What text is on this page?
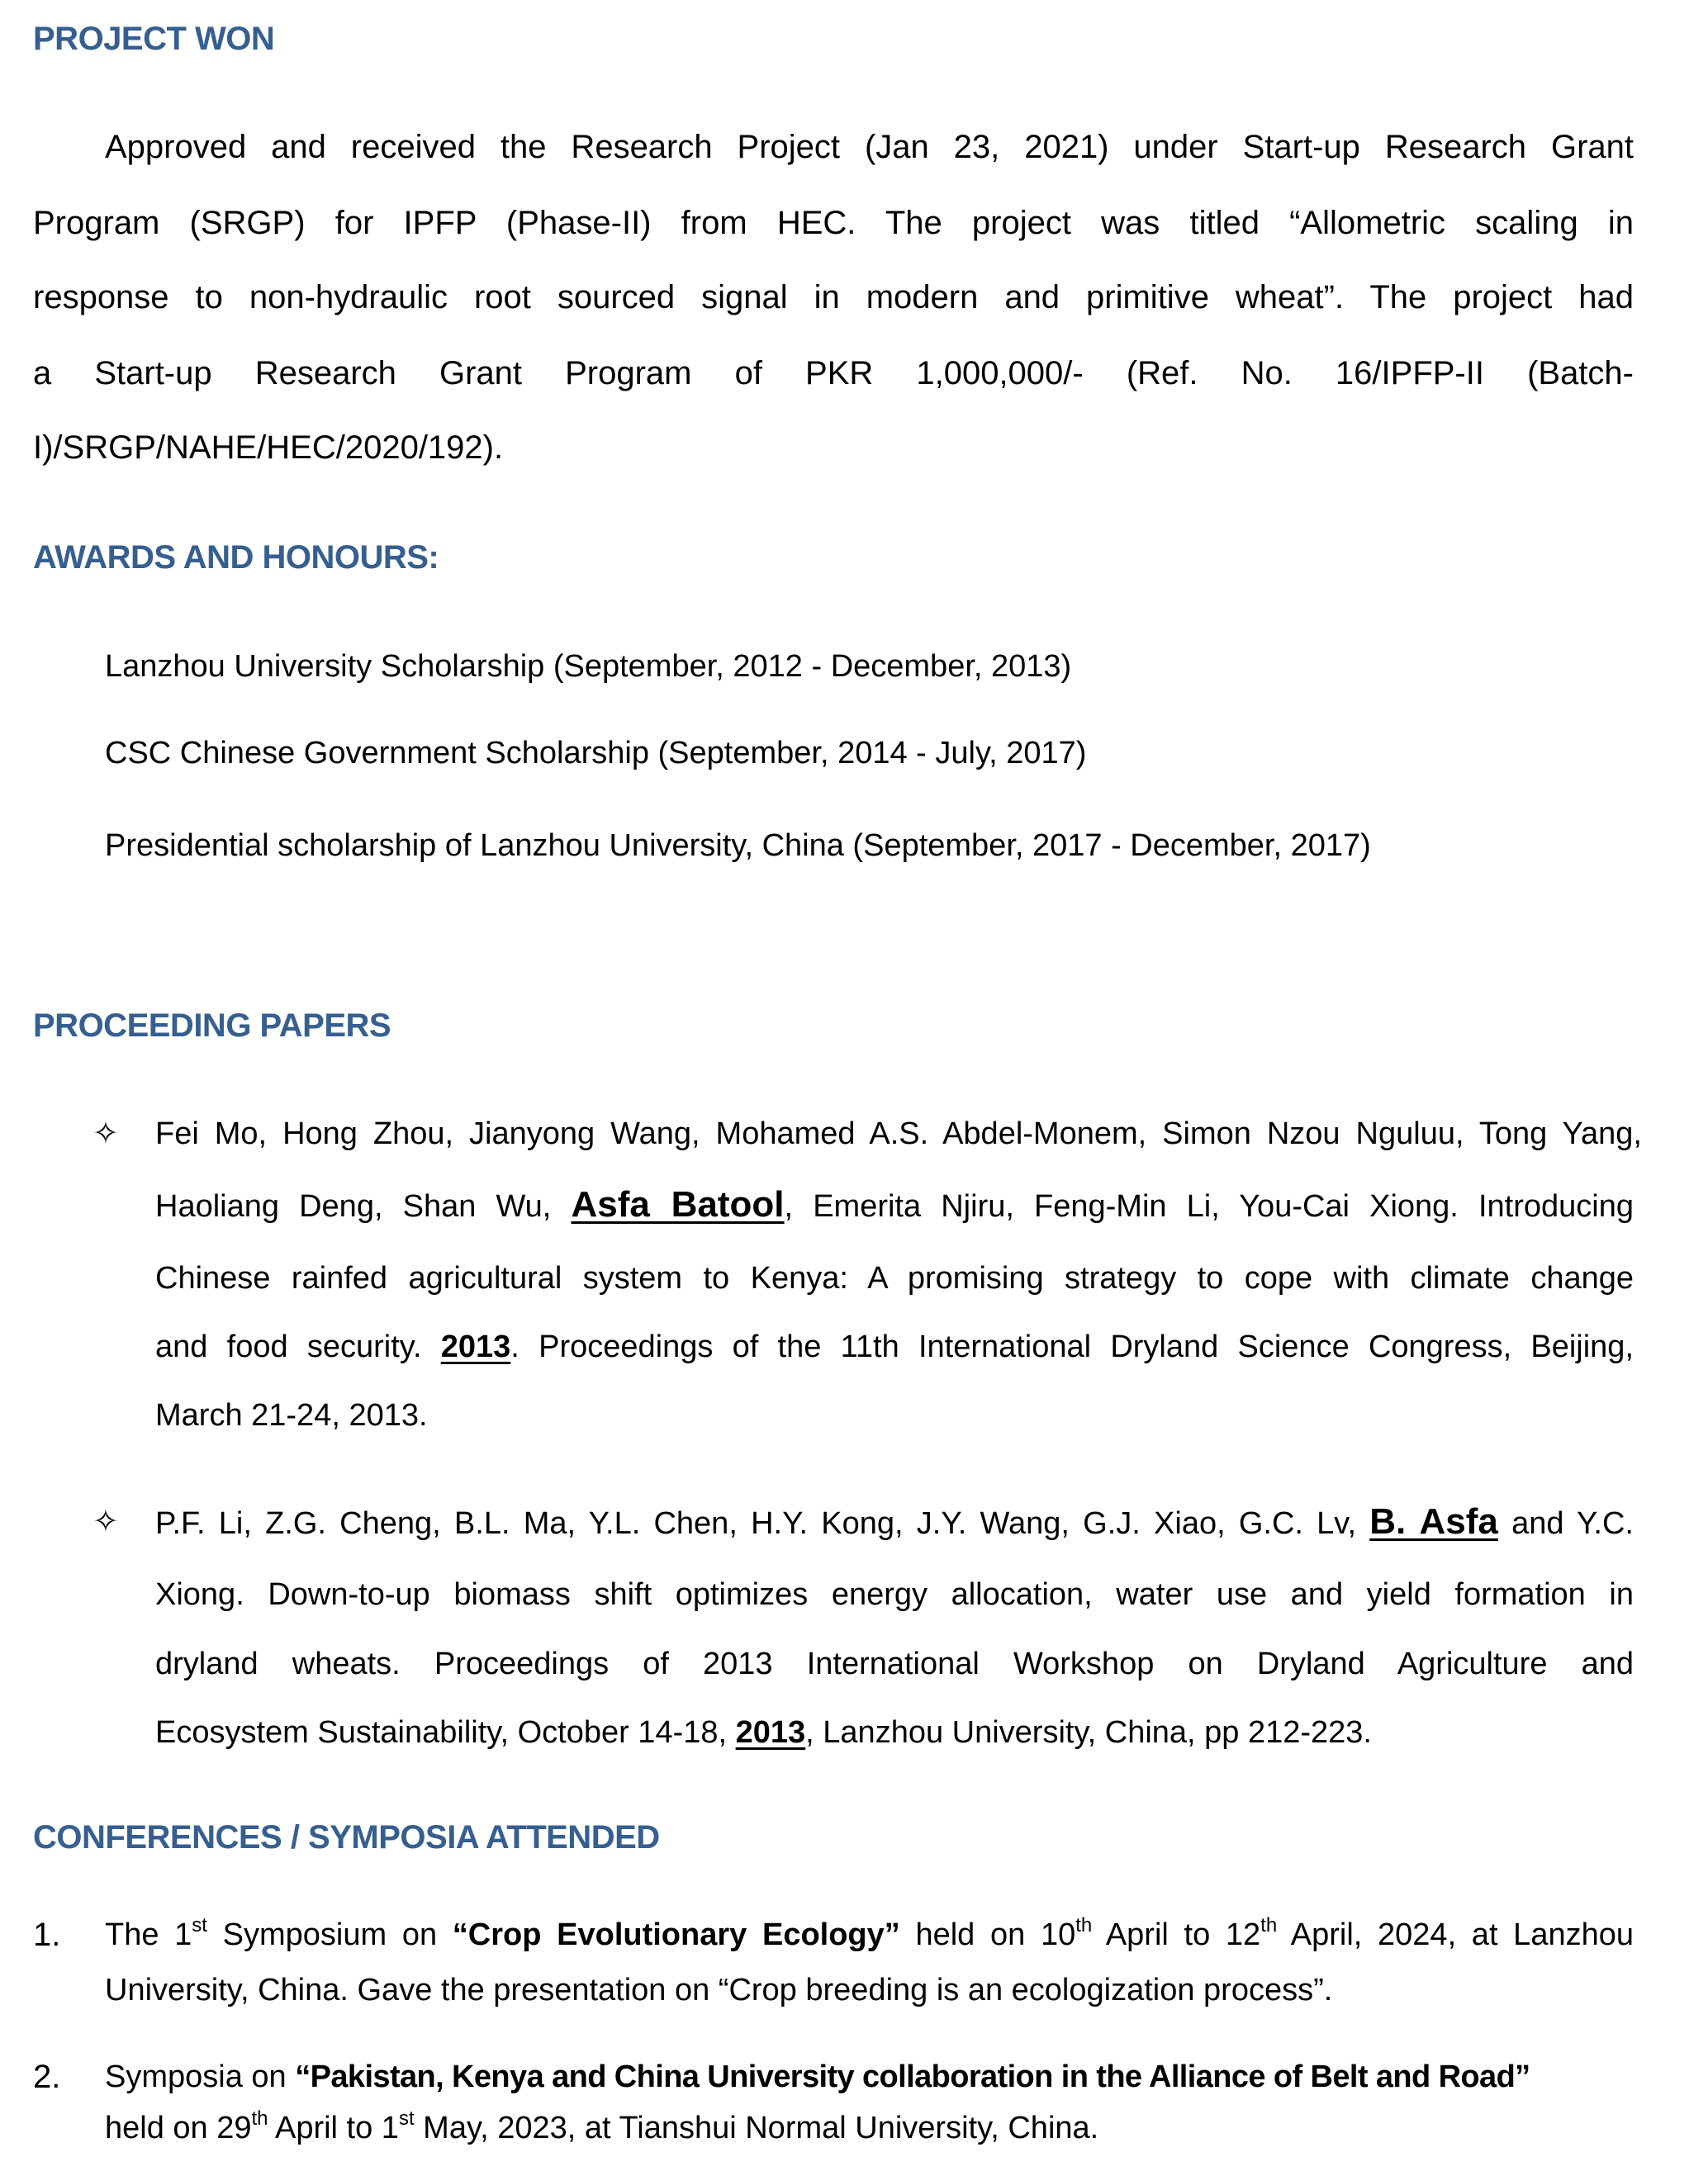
PROJECT WON
Approved and received the Research Project (Jan 23, 2021) under Start-up Research Grant
Program (SRGP) for IPFP (Phase-II) from HEC. The project was titled “Allometric scaling in
response to non-hydraulic root sourced signal in modern and primitive wheat”. The project had
a Start-up Research Grant Program of PKR 1,000,000/- (Ref. No. 16/IPFP-II (Batch-
I)/SRGP/NAHE/HEC/2020/192).
AWARDS AND HONOURS:
Lanzhou University Scholarship (September, 2012 - December, 2013)
CSC Chinese Government Scholarship (September, 2014 - July, 2017)
Presidential scholarship of Lanzhou University, China (September, 2017 - December, 2017)
PROCEEDING PAPERS
✧ Fei Mo, Hong Zhou, Jianyong Wang, Mohamed A.S. Abdel-Monem, Simon Nzou Nguluu, Tong Yang,
Haoliang Deng, Shan Wu, Asfa Batool, Emerita Njiru, Feng-Min Li, You-Cai Xiong. Introducing
Chinese rainfed agricultural system to Kenya: A promising strategy to cope with climate change
and food security. 2013. Proceedings of the 11th International Dryland Science Congress, Beijing,
March 21-24, 2013.
✧ P.F. Li, Z.G. Cheng, B.L. Ma, Y.L. Chen, H.Y. Kong, J.Y. Wang, G.J. Xiao, G.C. Lv, B. Asfa and Y.C.
Xiong. Down-to-up biomass shift optimizes energy allocation, water use and yield formation in
dryland wheats. Proceedings of 2013 International Workshop on Dryland Agriculture and
Ecosystem Sustainability, October 14-18, 2013, Lanzhou University, China, pp 212-223.
CONFERENCES / SYMPOSIA ATTENDED
1. The 1st Symposium on “Crop Evolutionary Ecology” held on 10th April to 12th April, 2024, at Lanzhou
University, China. Gave the presentation on “Crop breeding is an ecologization process”.
2. Symposia on “Pakistan, Kenya and China University collaboration in the Alliance of Belt and Road”
held on 29th April to 1st May, 2023, at Tianshui Normal University, China.
